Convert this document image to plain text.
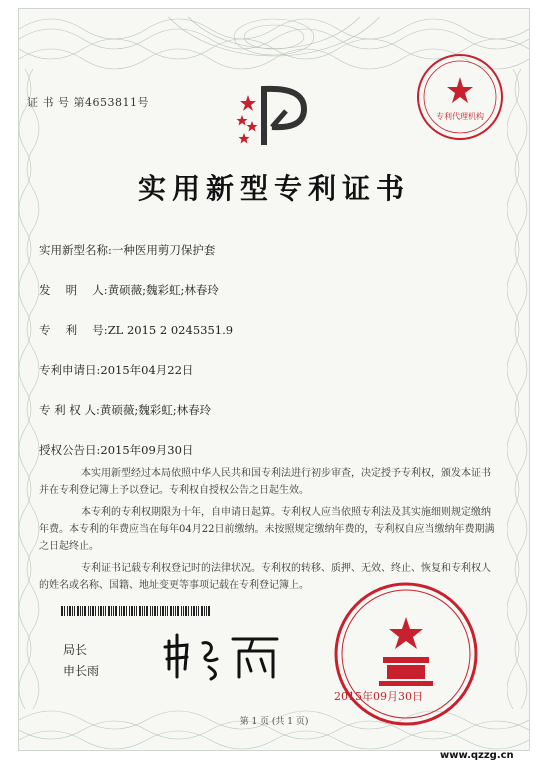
证 书 号 第4653811号
专利代理机构
实用新型专利证书
实用新型名称:一种医用剪刀保护套
发　 明　 人:黄硕薇;魏彩虹;林春玲
专　 利　 号:ZL 2015 2 0245351.9
专利申请日:2015年04月22日
专 利 权 人:黄硕薇;魏彩虹;林春玲
授权公告日:2015年09月30日

本实用新型经过本局依照中华人民共和国专利法进行初步审查，决定授予专利权，颁发本证书并在专利登记簿上予以登记。专利权自授权公告之日起生效。

本专利的专利权期限为十年，自申请日起算。专利权人应当依照专利法及其实施细则规定缴纳年费。本专利的年费应当在每年04月22日前缴纳。未按照规定缴纳年费的，专利权自应当缴纳年费期满之日起终止。

专利证书记载专利权登记时的法律状况。专利权的转移、质押、无效、终止、恢复和专利权人的姓名或名称、国籍、地址变更等事项记载在专利登记簿上。

局长
申长雨
2015年09月30日
第 1 页 (共 1 页)
www.qzzg.cn
